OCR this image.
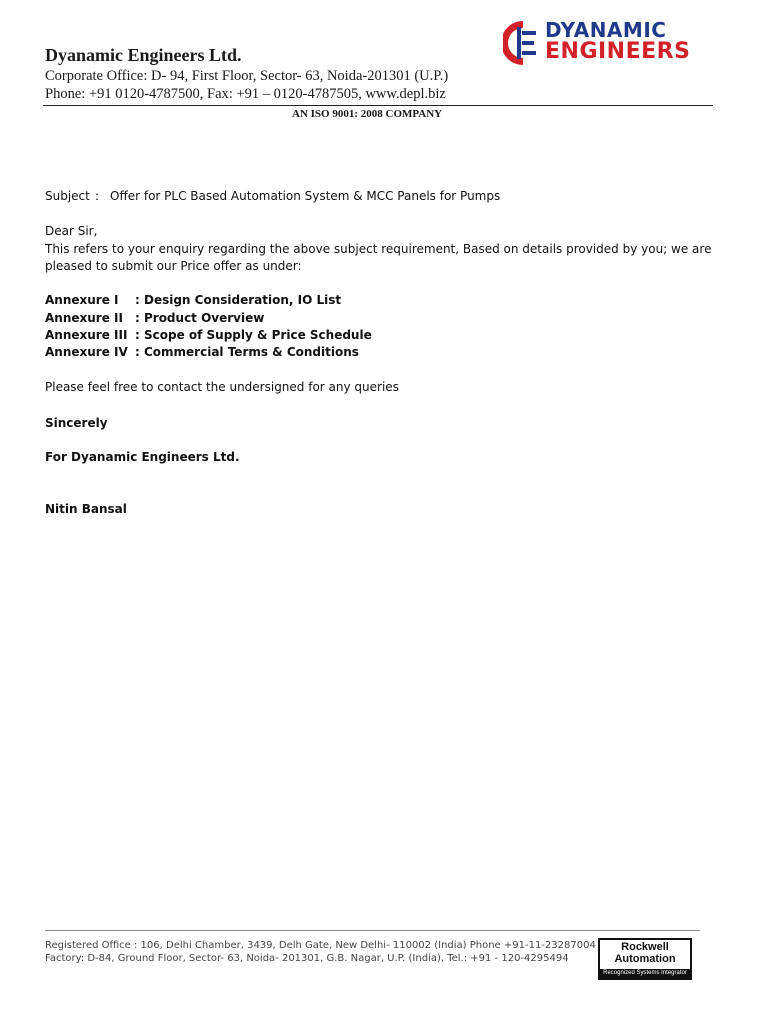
Dyanamic Engineers Ltd.
Corporate Office: D- 94, First Floor, Sector- 63, Noida-201301 (U.P.)
Phone: +91 0120-4787500, Fax: +91 – 0120-4787505, www.depl.biz
AN ISO 9001: 2008 COMPANY
DYANAMIC
ENGINEERS
Subject : Offer for PLC Based Automation System & MCC Panels for Pumps
Dear Sir,
This refers to your enquiry regarding the above subject requirement, Based on details provided by you; we are pleased to submit our Price offer as under:
Annexure I : Design Consideration, IO List
Annexure II : Product Overview
Annexure III : Scope of Supply & Price Schedule
Annexure IV : Commercial Terms & Conditions
Please feel free to contact the undersigned for any queries
Sincerely
For Dyanamic Engineers Ltd.
Nitin Bansal
Registered Office : 106, Delhi Chamber, 3439, Delh Gate, New Delhi- 110002 (India) Phone +91-11-23287004
Factory: D-84, Ground Floor, Sector- 63, Noida- 201301, G.B. Nagar, U.P. (India), Tel.: +91 - 120-4295494
Rockwell
Automation
Recognized Systems Integrator
